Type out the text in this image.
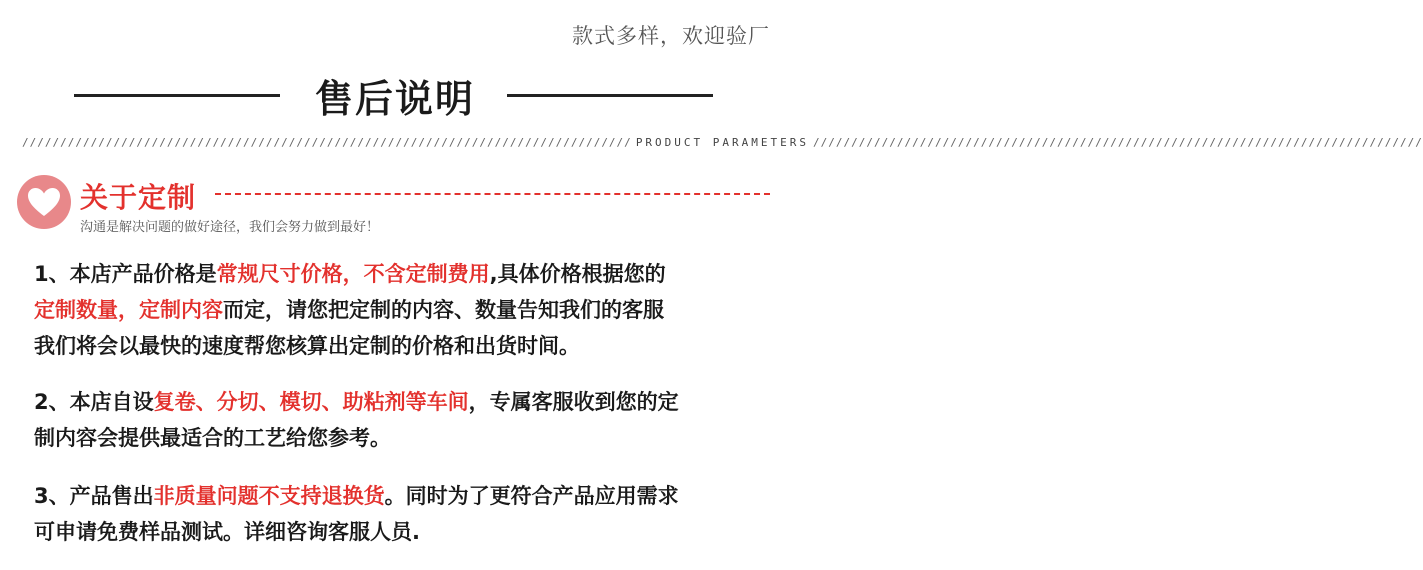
款式多样，欢迎验厂
售后说明
//////////////////////////////////////////////////////////////////////////////// PRODUCT PARAMETERS ////////////////////////////////////////////////////////////////////////////////
关于定制
沟通是解决问题的做好途径，我们会努力做到最好！
1、本店产品价格是常规尺寸价格，不含定制费用,具体价格根据您的
定制数量，定制内容而定，请您把定制的内容、数量告知我们的客服
我们将会以最快的速度帮您核算出定制的价格和出货时间。
2、本店自设复卷、分切、模切、助粘剂等车间，专属客服收到您的定
制内容会提供最适合的工艺给您参考。
3、产品售出非质量问题不支持退换货。同时为了更符合产品应用需求
可申请免费样品测试。详细咨询客服人员.
